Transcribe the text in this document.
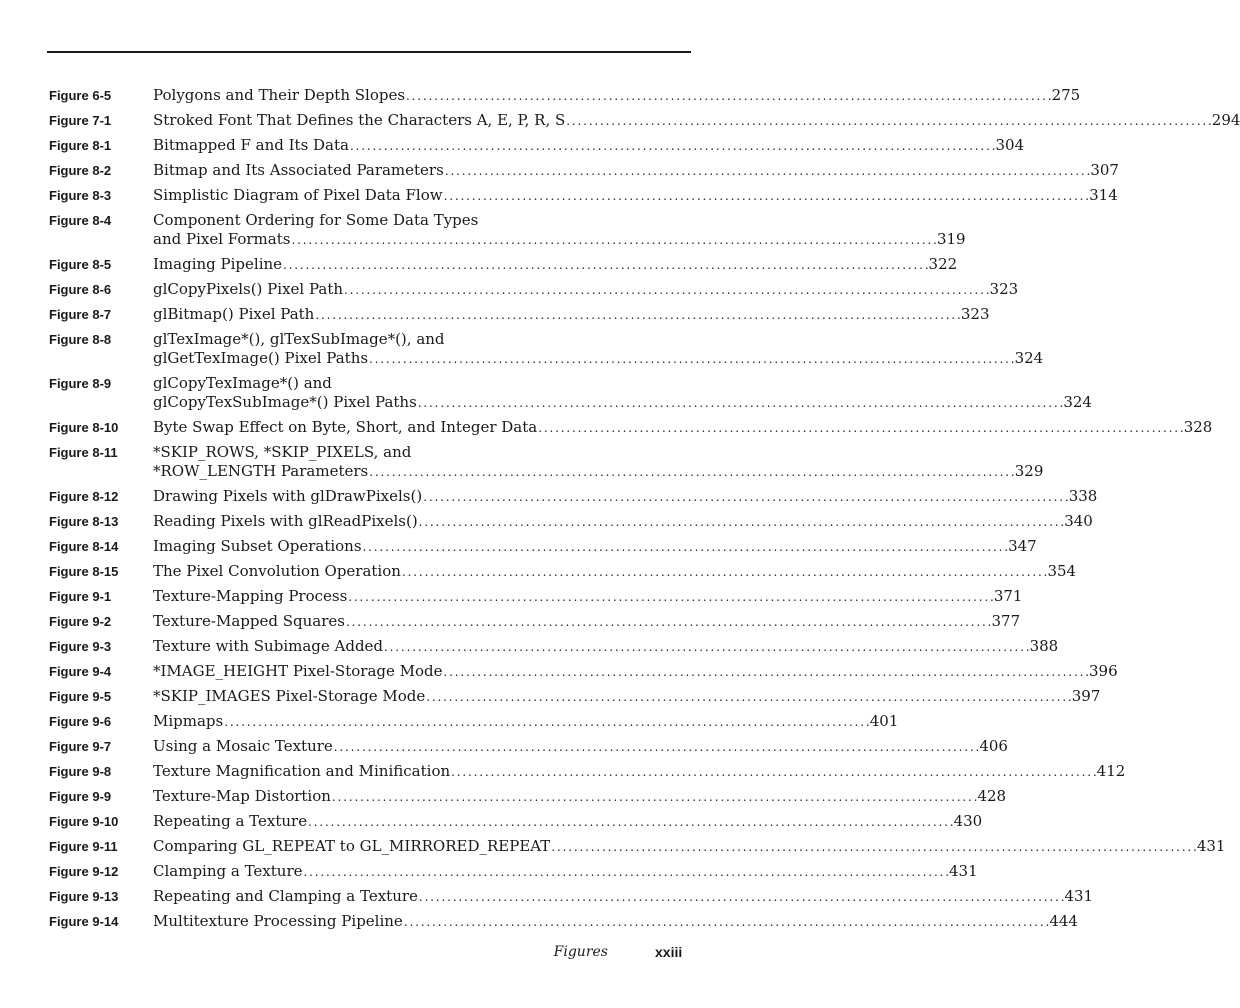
Figure 6-5	Polygons and Their Depth Slopes . . .	275
Figure 7-1	Stroked Font That Defines the Characters A, E, P, R, S . . .	294
Figure 8-1	Bitmapped F and Its Data . . .	304
Figure 8-2	Bitmap and Its Associated Parameters . . .	307
Figure 8-3	Simplistic Diagram of Pixel Data Flow . . .	314
Figure 8-4	Component Ordering for Some Data Types
and Pixel Formats . . .	319
Figure 8-5	Imaging Pipeline . . .	322
Figure 8-6	glCopyPixels() Pixel Path . . .	323
Figure 8-7	glBitmap() Pixel Path . . .	323
Figure 8-8	glTexImage*(), glTexSubImage*(), and
glGetTexImage() Pixel Paths . . .	324
Figure 8-9	glCopyTexImage*() and
glCopyTexSubImage*() Pixel Paths . . .	324
Figure 8-10	Byte Swap Effect on Byte, Short, and Integer Data . . .	328
Figure 8-11	*SKIP_ROWS, *SKIP_PIXELS, and
*ROW_LENGTH Parameters . . .	329
Figure 8-12	Drawing Pixels with glDrawPixels() . . .	338
Figure 8-13	Reading Pixels with glReadPixels() . . .	340
Figure 8-14	Imaging Subset Operations . . .	347
Figure 8-15	The Pixel Convolution Operation . . .	354
Figure 9-1	Texture-Mapping Process . . .	371
Figure 9-2	Texture-Mapped Squares . . .	377
Figure 9-3	Texture with Subimage Added . . .	388
Figure 9-4	*IMAGE_HEIGHT Pixel-Storage Mode . . .	396
Figure 9-5	*SKIP_IMAGES Pixel-Storage Mode . . .	397
Figure 9-6	Mipmaps . . .	401
Figure 9-7	Using a Mosaic Texture . . .	406
Figure 9-8	Texture Magnification and Minification . . .	412
Figure 9-9	Texture-Map Distortion . . .	428
Figure 9-10	Repeating a Texture . . .	430
Figure 9-11	Comparing GL_REPEAT to GL_MIRRORED_REPEAT . . .	431
Figure 9-12	Clamping a Texture . . .	431
Figure 9-13	Repeating and Clamping a Texture . . .	431
Figure 9-14	Multitexture Processing Pipeline . . .	444
Figures	xxiii
